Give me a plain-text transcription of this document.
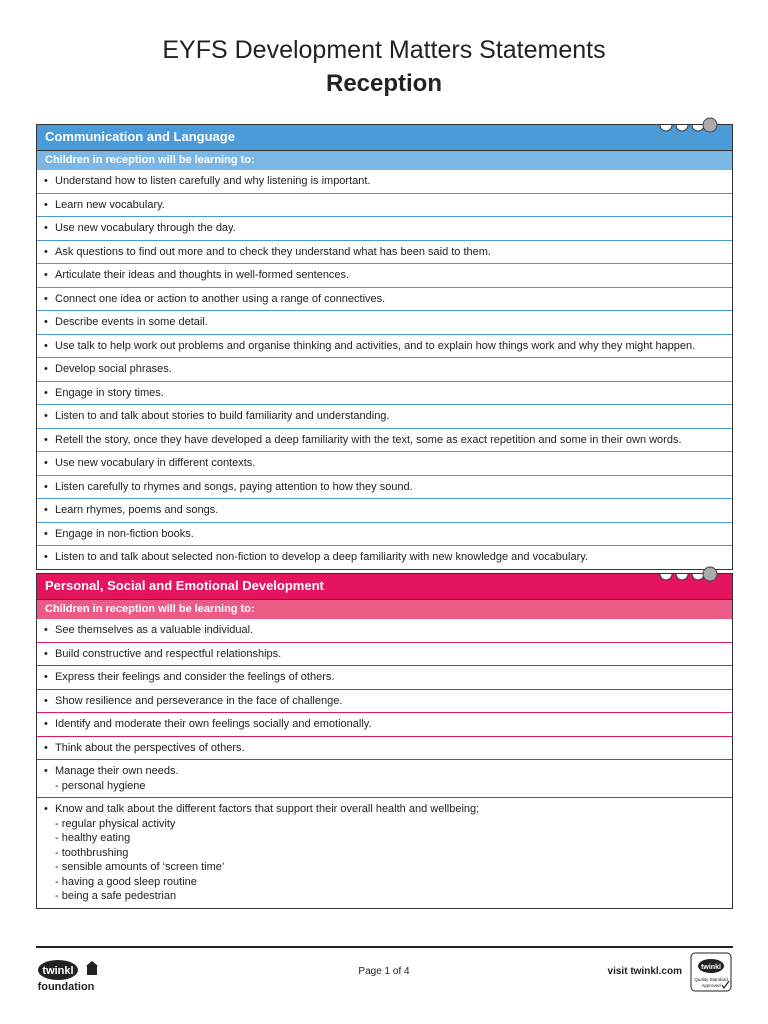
EYFS Development Matters Statements
Reception
Communication and Language
Children in reception will be learning to:
• Understand how to listen carefully and why listening is important.
• Learn new vocabulary.
• Use new vocabulary through the day.
• Ask questions to find out more and to check they understand what has been said to them.
• Articulate their ideas and thoughts in well-formed sentences.
• Connect one idea or action to another using a range of connectives.
• Describe events in some detail.
• Use talk to help work out problems and organise thinking and activities, and to explain how things work and why they might happen.
• Develop social phrases.
• Engage in story times.
• Listen to and talk about stories to build familiarity and understanding.
• Retell the story, once they have developed a deep familiarity with the text, some as exact repetition and some in their own words.
• Use new vocabulary in different contexts.
• Listen carefully to rhymes and songs, paying attention to how they sound.
• Learn rhymes, poems and songs.
• Engage in non-fiction books.
• Listen to and talk about selected non-fiction to develop a deep familiarity with new knowledge and vocabulary.
Personal, Social and Emotional Development
Children in reception will be learning to:
• See themselves as a valuable individual.
• Build constructive and respectful relationships.
• Express their feelings and consider the feelings of others.
• Show resilience and perseverance in the face of challenge.
• Identify and moderate their own feelings socially and emotionally.
• Think about the perspectives of others.
• Manage their own needs.
- personal hygiene
• Know and talk about the different factors that support their overall health and wellbeing;
- regular physical activity
- healthy eating
- toothbrushing
- sensible amounts of ‘screen time’
- having a good sleep routine
- being a safe pedestrian
twinkl
foundation
Page 1 of 4	visit twinkl.com	twinkl
Quality Standard
Approved
